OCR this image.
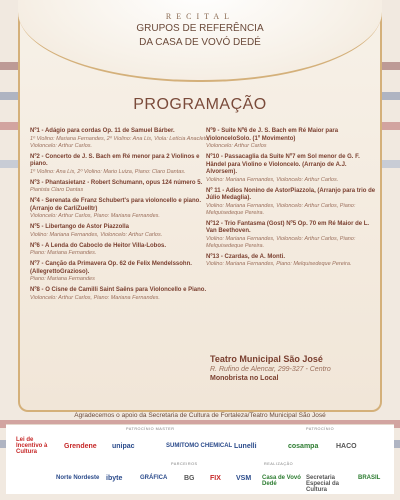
RECITAL
GRUPOS DE REFERÊNCIA
DA CASA DE VOVÓ DEDÉ
PROGRAMAÇÃO
Nº1 - Adágio para cordas Op. 11 de Samuel Bárber.
1º Violino: Mariana Fernandes, 2º Violino: Ana Lis, Viola: Letícia Anacleto, Violoncelo: Arthur Carlos.
Nº2 - Concerto de J. S. Bach em Ré menor para 2 Violinos e piano.
1º Violino: Ana Lis, 2º Violino: Mario Luiza, Piano: Claro Dantas.
Nº3 - Phantasietanz - Robert Schumann, opus 124 número 5.
Pianista Claro Dantas
Nº4 - Serenata de Franz Schubert's para violoncello e piano. (Arranjo de CarliZuelltr)
Violoncelo: Arthur Carlos, Piano: Mariana Fernandes.
Nº5 - Libertango de Astor Piazzolla
Violino: Mariana Fernandes, Violoncelo: Arthur Carlos.
Nº6 - A Lenda do Caboclo de Heitor Villa-Lobos.
Piano: Mariana Fernandes.
Nº7 - Canção da Primavera Op. 62 de Felix Mendelssohn. (AllegrettoGrazioso).
Piano: Mariana Fernandes
Nº8 - O Cisne de Camilli Saint Saëns para Violoncello e Piano.
Violoncelo: Arthur Carlos, Piano: Mariana Fernandes.
Nº9 - Suite Nº6 de J. S. Bach em Ré Maior para ViolonceloSolo. (1º Movimento)
Violoncelo: Arthur Carlos
Nº10 - Passacaglia da Suite Nº7 em Sol menor de G. F. Händel para Violino e Violoncelo. (Arranjo de A.J. Alvorsem).
Violino: Mariana Fernandes, Violoncelo: Arthur Carlos.
Nº 11 - Adios Nonino de AstorPiazzola, (Arranjo para trio de Júlio Medaglia).
Violino: Mariana Fernandes, Violoncelo: Arthur Carlos, Piano: Melquisedeque Pereira.
Nº12 - Trio Fantasma (Gost) Nº5 Op. 70 em Ré Maior de L. Van Beethoven.
Violino: Mariana Fernandes, Violoncelo: Arthur Carlos, Piano: Melquisedeque Pereira.
Nº13 - Czardas, de A. Monti.
Violino: Mariana Fernandes, Piano: Melquisedeque Pereira.
Teatro Municipal São José
R. Rufino de Alencar, 299-327 - Centro
Monobrista no Local
Agradecemos o apoio da Secretaria de Cultura de Fortaleza/Teatro Municipal São José
PATROCÍNIO MASTER	PATROCÍNIO
PARCEIROS	REALIZAÇÃO
Lei de Incentivo à Cultura
Grendene unipac	SUMITOMO CHEMICAL Lunelli	cosampa	HACO
Norte Nordeste ibyte	GRÁFICA BG FIX VSM Casa de Vovó Dedé
Secretaria Especial da Cultura
BRASIL
